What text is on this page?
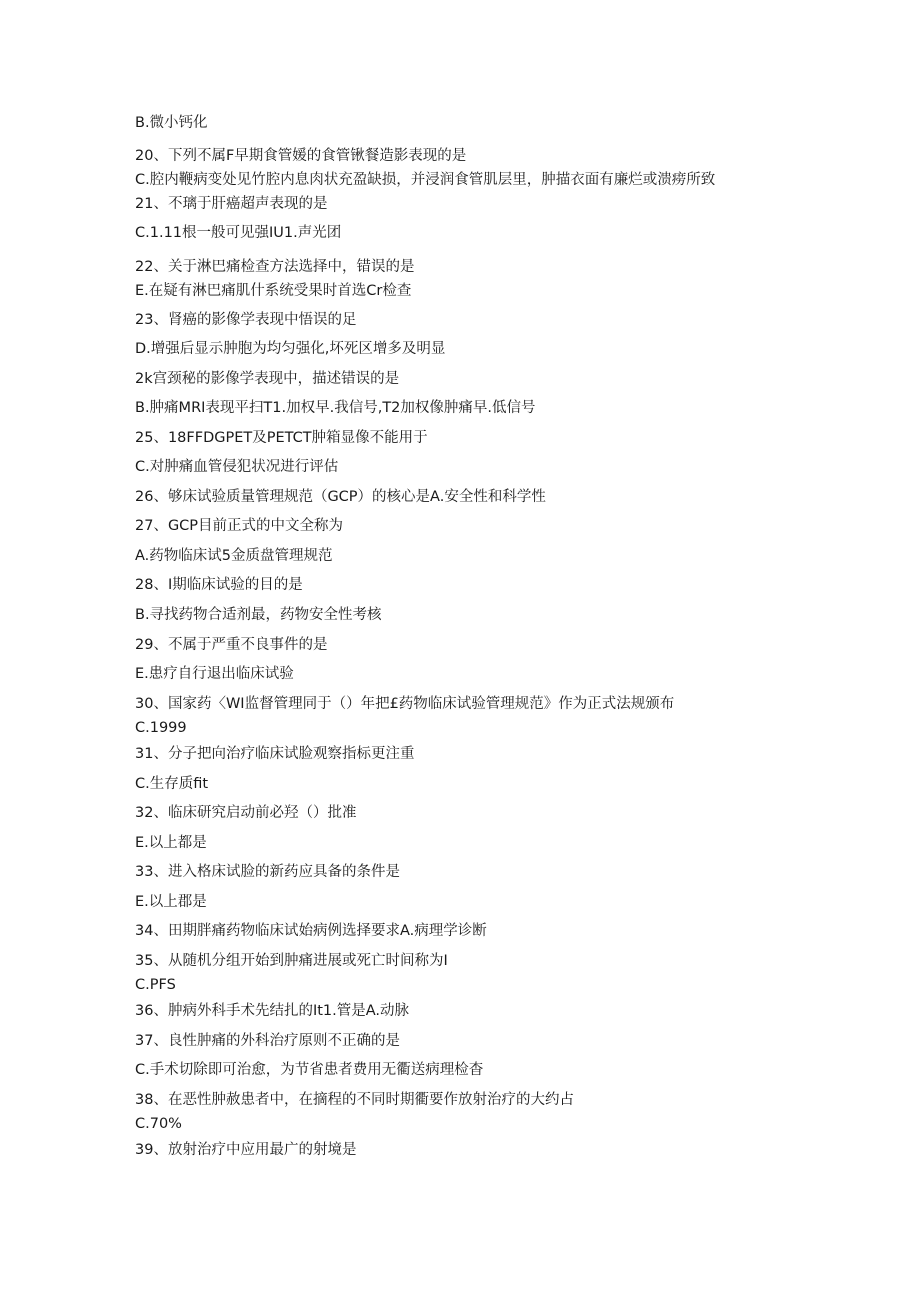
B.微小钙化
20、下列不属F早期食管媛的食管锹餐造影表现的是
C.腔内鞭病变处见竹腔内息肉状充盈缺损，并浸润食管肌层里，肿描衣面有廉烂或溃痨所致
21、不璃于肝癌超声表现的是
C.1.11根一般可见强IU1.声光团
22、关于淋巴痛检查方法选择中，错误的是
E.在疑有淋巴痛肌什系统受果时首选Cr检查
23、肾癌的影像学表现中悟误的足
D.增强后显示肿胞为均匀强化,坏死区增多及明显
2k宫颈秘的影像学表现中，描述错误的是
B.肿痛MRI表现平扫T1.加权早.我信号,T2加权像肿痛早.低信号
25、18FFDGPET及PETCT肿箱显像不能用于
C.对肿痛血管侵犯状况进行评估
26、够床试验质量管理规范（GCP）的核心是A.安全性和科学性
27、GCP目前正式的中文全称为
A.药物临床试5金质盘管理规范
28、I期临床试验的目的是
B.寻找药物合适剂最，药物安全性考核
29、不属于严重不良事件的是
E.患疗自行退出临床试验
30、国家药〈WI监督管理同于（）年把£药物临床试验管理规范》作为正式法规颁布
C.1999
31、分子把向治疗临床试脸观察指标更注重
C.生存质fit
32、临床研究启动前必羟（）批准
E.以上都是
33、进入格床试脸的新药应具备的条件是
E.以上郡是
34、田期胖痛药物临床试始病例选择要求A.病理学诊断
35、从随机分组开始到肿痛进展或死亡时间称为I
C.PFS
36、肿病外科手术先结扎的It1.管是A.动脉
37、良性肿痛的外科治疗原则不正确的是
C.手术切除即可治愈，为节省患者费用无衢送病理检杳
38、在恶性肿赦患者中，在摘程的不同时期衢要作放射治疗的大约占
C.70%
39、放射治疗中应用最广的射境是
